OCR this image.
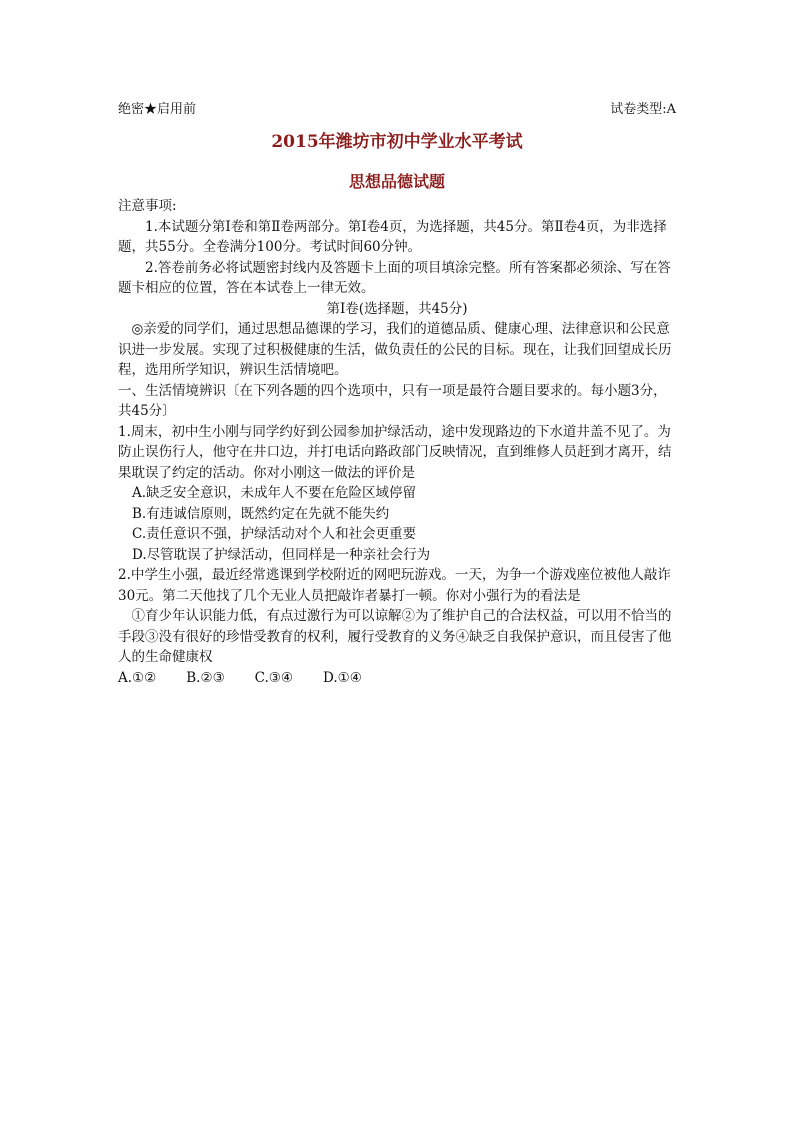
绝密★启用前	试卷类型:A
2015年潍坊市初中学业水平考试
思想品德试题

注意事项:

1.本试题分第Ⅰ卷和第Ⅱ卷两部分。第Ⅰ卷4页，为选择题，共45分。第Ⅱ卷4页，为非选择题，共55分。全卷满分100分。考试时间60分钟。

2.答卷前务必将试题密封线内及答题卡上面的项目填涂完整。所有答案都必须涂、写在答题卡相应的位置，答在本试卷上一律无效。

第Ⅰ卷(选择题，共45分)

◎亲爱的同学们，通过思想品德课的学习，我们的道德品质、健康心理、法律意识和公民意识进一步发展。实现了过积极健康的生活，做负责任的公民的目标。现在，让我们回望成长历程，选用所学知识，辨识生活情境吧。

一、生活情境辨识〔在下列各题的四个选项中，只有一项是最符合题目要求的。每小题3分，共45分〕

1.周末，初中生小刚与同学约好到公园参加护绿活动，途中发现路边的下水道井盖不见了。为防止误伤行人，他守在井口边，并打电话向路政部门反映情况，直到维修人员赶到才离开，结果耽误了约定的活动。你对小刚这一做法的评价是

A.缺乏安全意识，未成年人不要在危险区域停留

B.有违诚信原则，既然约定在先就不能失约

C.责任意识不强，护绿活动对个人和社会更重要

D.尽管耽误了护绿活动，但同样是一种亲社会行为

2.中学生小强，最近经常逃课到学校附近的网吧玩游戏。一天，为争一个游戏座位被他人敲诈30元。第二天他找了几个无业人员把敲诈者暴打一顿。你对小强行为的看法是

①育少年认识能力低，有点过激行为可以谅解②为了维护自己的合法权益，可以用不恰当的手段③没有很好的珍惜受教育的权利，履行受教育的义务④缺乏自我保护意识，而且侵害了他人的生命健康权

A.①② B.②③ C.③④ D.①④
